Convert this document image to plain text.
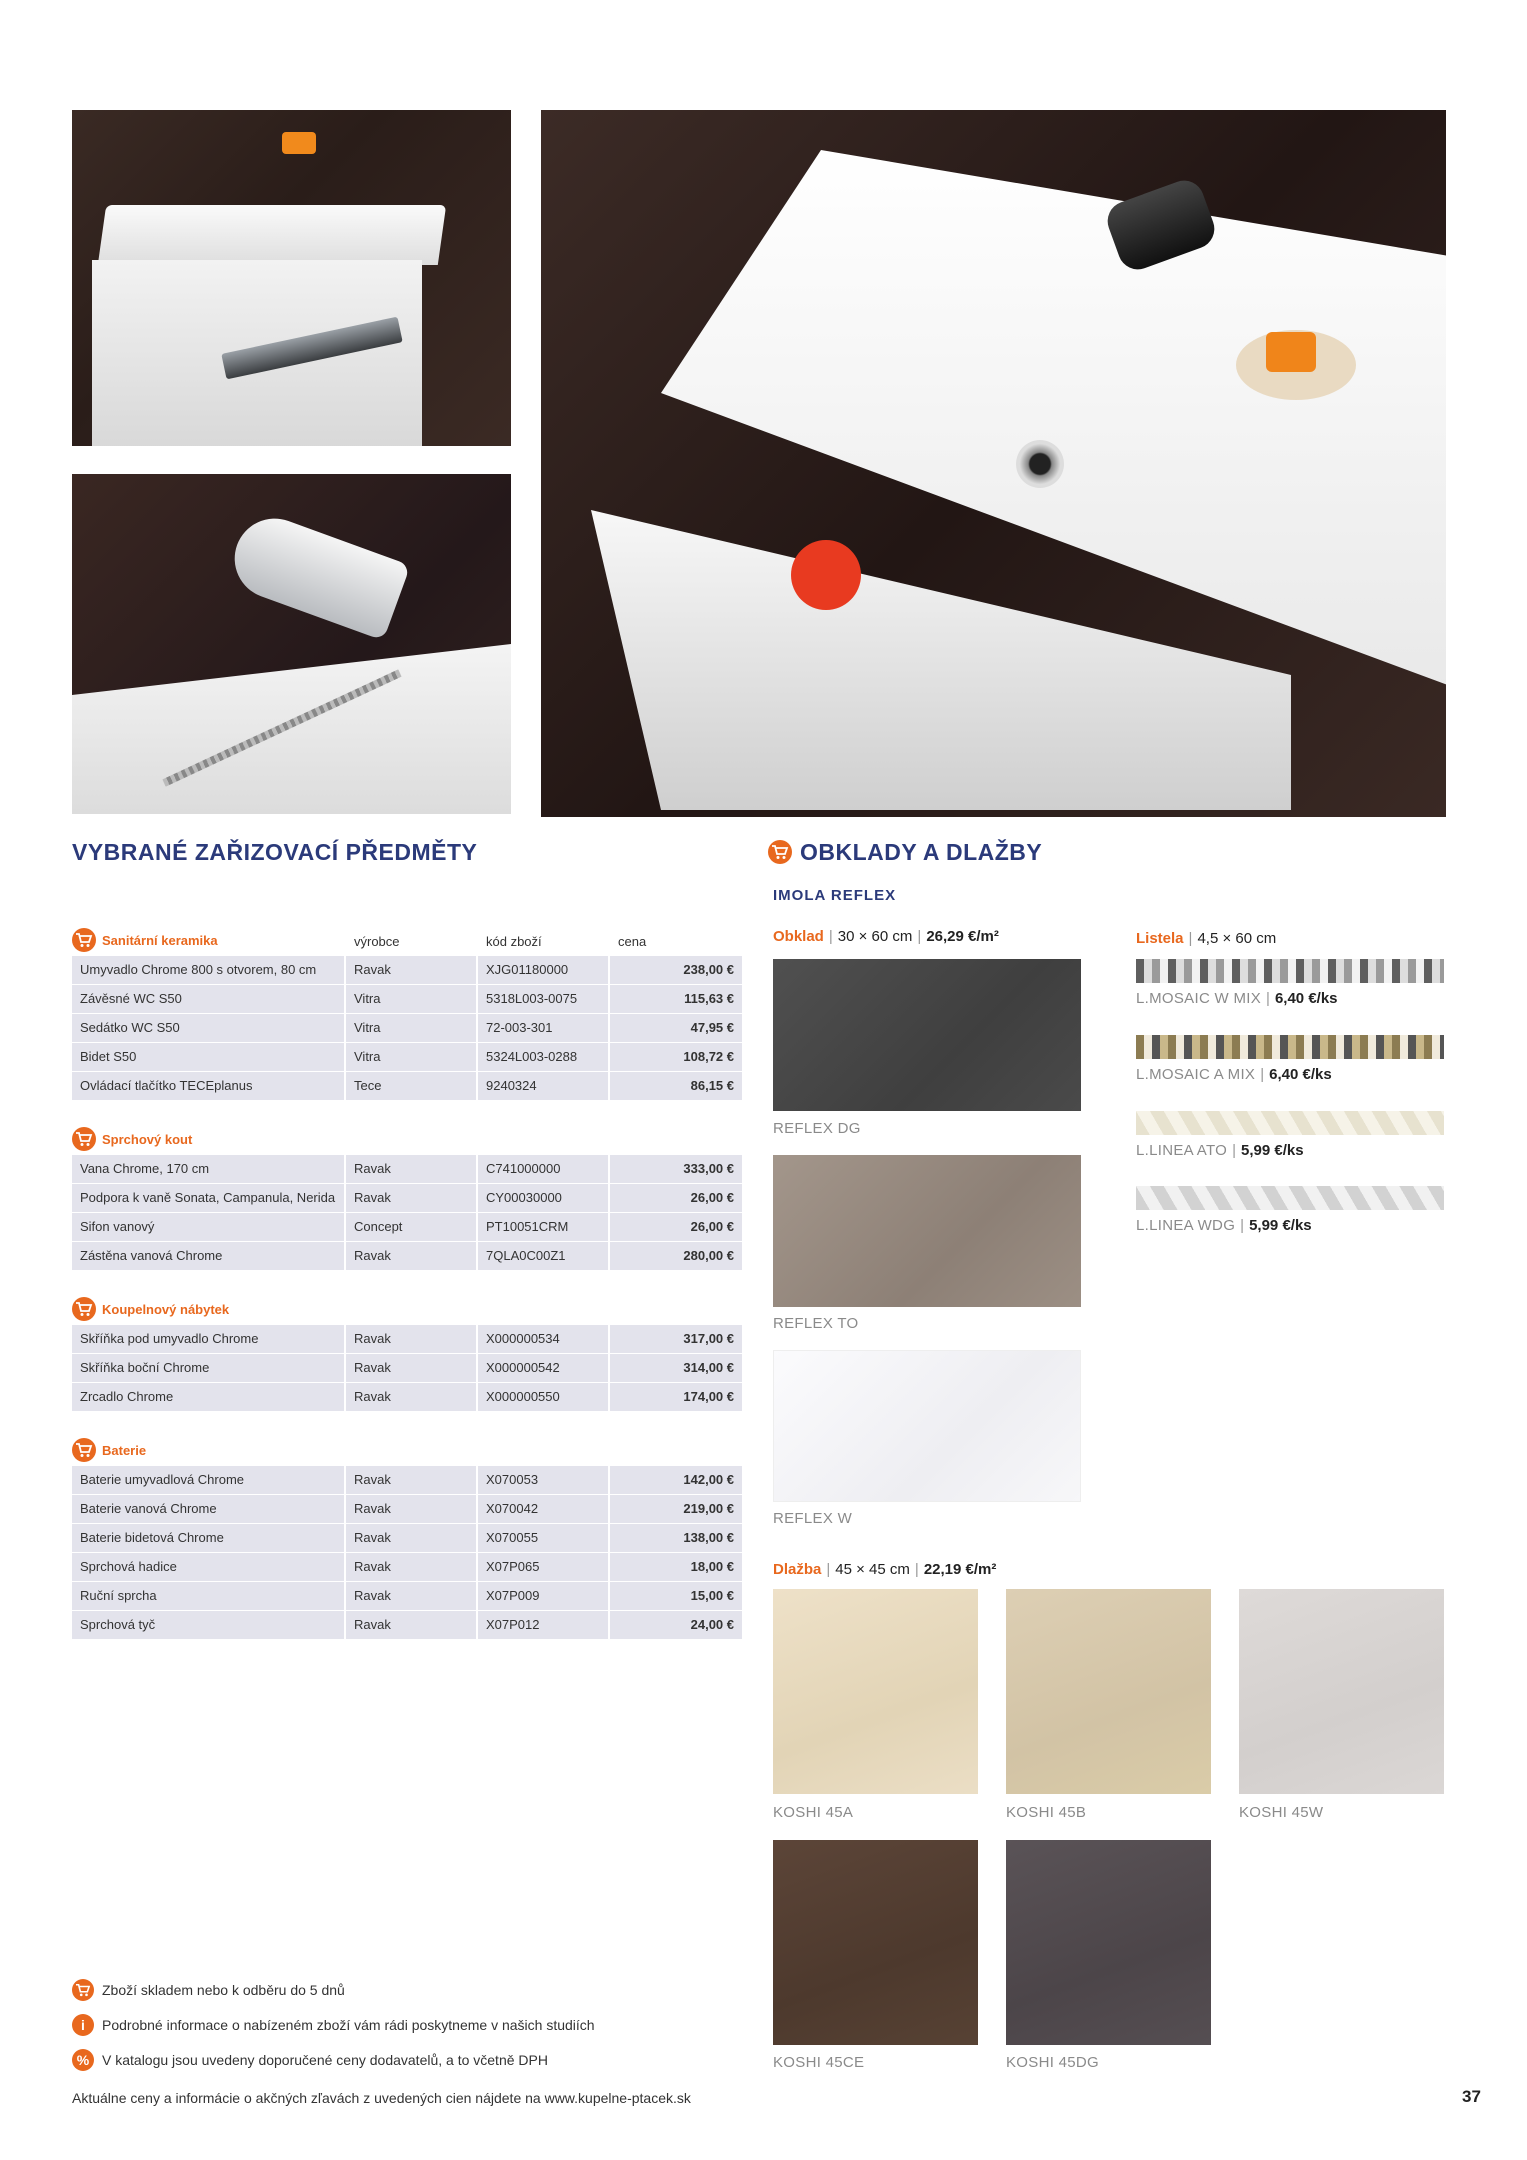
VYBRANÉ ZAŘIZOVACÍ PŘEDMĚTY	OBKLADY A DLAŽBY
IMOLA REFLEX
Sanitární keramika	výrobce	kód zboží	cena
Umyvadlo Chrome 800 s otvorem, 80 cm	Ravak	XJG01180000	238,00 €
Závěsné WC S50	Vitra	5318L003-0075	115,63 €
Sedátko WC S50	Vitra	72-003-301	47,95 €
Bidet S50	Vitra	5324L003-0288	108,72 €
Ovládací tlačítko TECEplanus	Tece	9240324	86,15 €
Sprchový kout
Vana Chrome, 170 cm	Ravak	C741000000	333,00 €
Podpora k vaně Sonata, Campanula, Nerida	Ravak	CY00030000	26,00 €
Sifon vanový	Concept	PT10051CRM	26,00 €
Zástěna vanová Chrome	Ravak	7QLA0C00Z1	280,00 €
Koupelnový nábytek
Skříňka pod umyvadlo Chrome	Ravak	X000000534	317,00 €
Skříňka boční Chrome	Ravak	X000000542	314,00 €
Zrcadlo Chrome	Ravak	X000000550	174,00 €
Baterie
Baterie umyvadlová Chrome	Ravak	X070053	142,00 €
Baterie vanová Chrome	Ravak	X070042	219,00 €
Baterie bidetová Chrome	Ravak	X070055	138,00 €
Sprchová hadice	Ravak	X07P065	18,00 €
Ruční sprcha	Ravak	X07P009	15,00 €
Sprchová tyč	Ravak	X07P012	24,00 €
Obklad | 30 × 60 cm | 26,29 €/m²
REFLEX DG
REFLEX TO
REFLEX W
Listela | 4,5 × 60 cm
L.MOSAIC W MIX | 6,40 €/ks
L.MOSAIC A MIX | 6,40 €/ks
L.LINEA ATO | 5,99 €/ks
L.LINEA WDG | 5,99 €/ks
Dlažba | 45 × 45 cm | 22,19 €/m²
KOSHI 45A	KOSHI 45B	KOSHI 45W
KOSHI 45CE	KOSHI 45DG
Zboží skladem nebo k odběru do 5 dnů
i	Podrobné informace o nabízeném zboží vám rádi poskytneme v našich studiích
% V katalogu jsou uvedeny doporučené ceny dodavatelů, a to včetně DPH
Aktuálne ceny a informácie o akčných zľavách z uvedených cien nájdete na www.kupelne-ptacek.sk	37
